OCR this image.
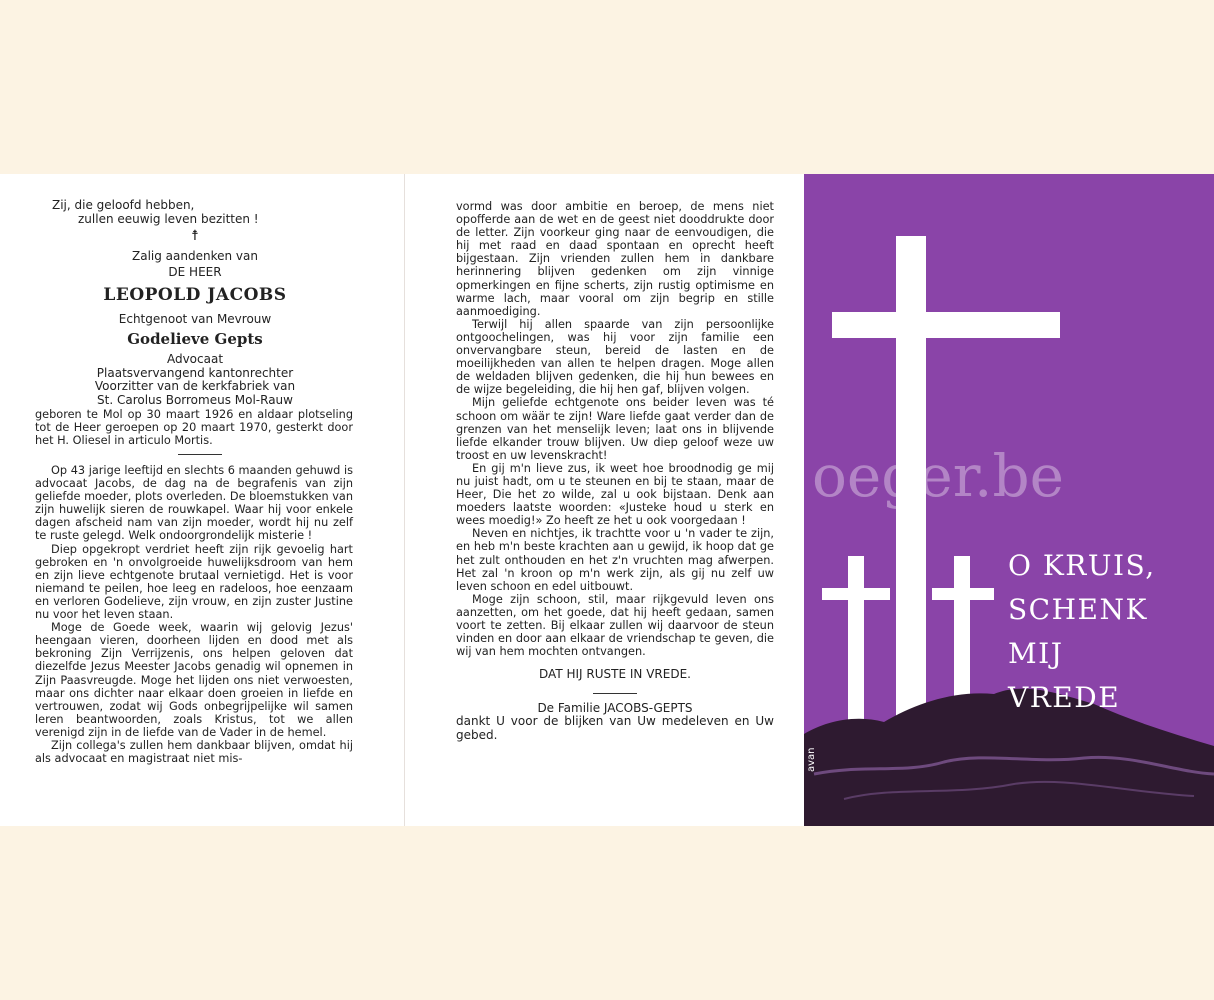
Zij, die geloofd hebben,
zullen eeuwig leven bezitten !
☨
Zalig aandenken van
DE HEER
LEOPOLD JACOBS
Echtgenoot van Mevrouw
Godelieve Gepts
Advocaat
Plaatsvervangend kantonrechter
Voorzitter van de kerkfabriek van
St. Carolus Borromeus Mol-Rauw

geboren te Mol op 30 maart 1926 en aldaar plotseling tot de Heer geroepen op 20 maart 1970, gesterkt door het H. Oliesel in articulo Mortis.

Op 43 jarige leeftijd en slechts 6 maanden gehuwd is advocaat Jacobs, de dag na de begrafenis van zijn geliefde moeder, plots overleden. De bloemstukken van zijn huwelijk sieren de rouwkapel. Waar hij voor enkele dagen afscheid nam van zijn moeder, wordt hij nu zelf te ruste gelegd. Welk ondoorgrondelijk misterie !

Diep opgekropt verdriet heeft zijn rijk gevoelig hart gebroken en 'n onvolgroeide huwelijksdroom van hem en zijn lieve echtgenote brutaal vernietigd. Het is voor niemand te peilen, hoe leeg en radeloos, hoe eenzaam en verloren Godelieve, zijn vrouw, en zijn zuster Justine nu voor het leven staan.

Moge de Goede week, waarin wij gelovig Jezus' heengaan vieren, doorheen lijden en dood met als bekroning Zijn Verrijzenis, ons helpen geloven dat diezelfde Jezus Meester Jacobs genadig wil opnemen in Zijn Paasvreugde. Moge het lijden ons niet verwoesten, maar ons dichter naar elkaar doen groeien in liefde en vertrouwen, zodat wij Gods onbegrijpelijke wil samen leren beantwoorden, zoals Kristus, tot we allen verenigd zijn in de liefde van de Vader in de hemel.

Zijn collega's zullen hem dankbaar blijven, omdat hij als advocaat en magistraat niet mis-

vormd was door ambitie en beroep, de mens niet opofferde aan de wet en de geest niet dooddrukte door de letter. Zijn voorkeur ging naar de eenvoudigen, die hij met raad en daad spontaan en oprecht heeft bijgestaan. Zijn vrienden zullen hem in dankbare herinnering blijven gedenken om zijn vinnige opmerkingen en fijne scherts, zijn rustig optimisme en warme lach, maar vooral om zijn begrip en stille aanmoediging.

Terwijl hij allen spaarde van zijn persoonlijke ontgoochelingen, was hij voor zijn familie een onvervangbare steun, bereid de lasten en de moeilijkheden van allen te helpen dragen. Moge allen de weldaden blijven gedenken, die hij hun bewees en de wijze begeleiding, die hij hen gaf, blijven volgen.

Mijn geliefde echtgenote ons beider leven was té schoon om wäär te zijn! Ware liefde gaat verder dan de grenzen van het menselijk leven; laat ons in blijvende liefde elkander trouw blijven. Uw diep geloof weze uw troost en uw levenskracht!

En gij m'n lieve zus, ik weet hoe broodnodig ge mij nu juist hadt, om u te steunen en bij te staan, maar de Heer, Die het zo wilde, zal u ook bijstaan. Denk aan moeders laatste woorden: «Justeke houd u sterk en wees moedig!» Zo heeft ze het u ook voorgedaan !

Neven en nichtjes, ik trachtte voor u 'n vader te zijn, en heb m'n beste krachten aan u gewijd, ik hoop dat ge het zult onthouden en het z'n vruchten mag afwerpen. Het zal 'n kroon op m'n werk zijn, als gij nu zelf uw leven schoon en edel uitbouwt.

Moge zijn schoon, stil, maar rijkgevuld leven ons aanzetten, om het goede, dat hij heeft gedaan, samen voort te zetten. Bij elkaar zullen wij daarvoor de steun vinden en door aan elkaar de vriendschap te geven, die wij van hem mochten ontvangen.

DAT HIJ RUSTE IN VREDE.

De Familie JACOBS-GEPTS

dankt U voor de blijken van Uw medeleven en Uw gebed.

O KRUIS,
SCHENK
MIJ
VREDE
avan
oeger.be
